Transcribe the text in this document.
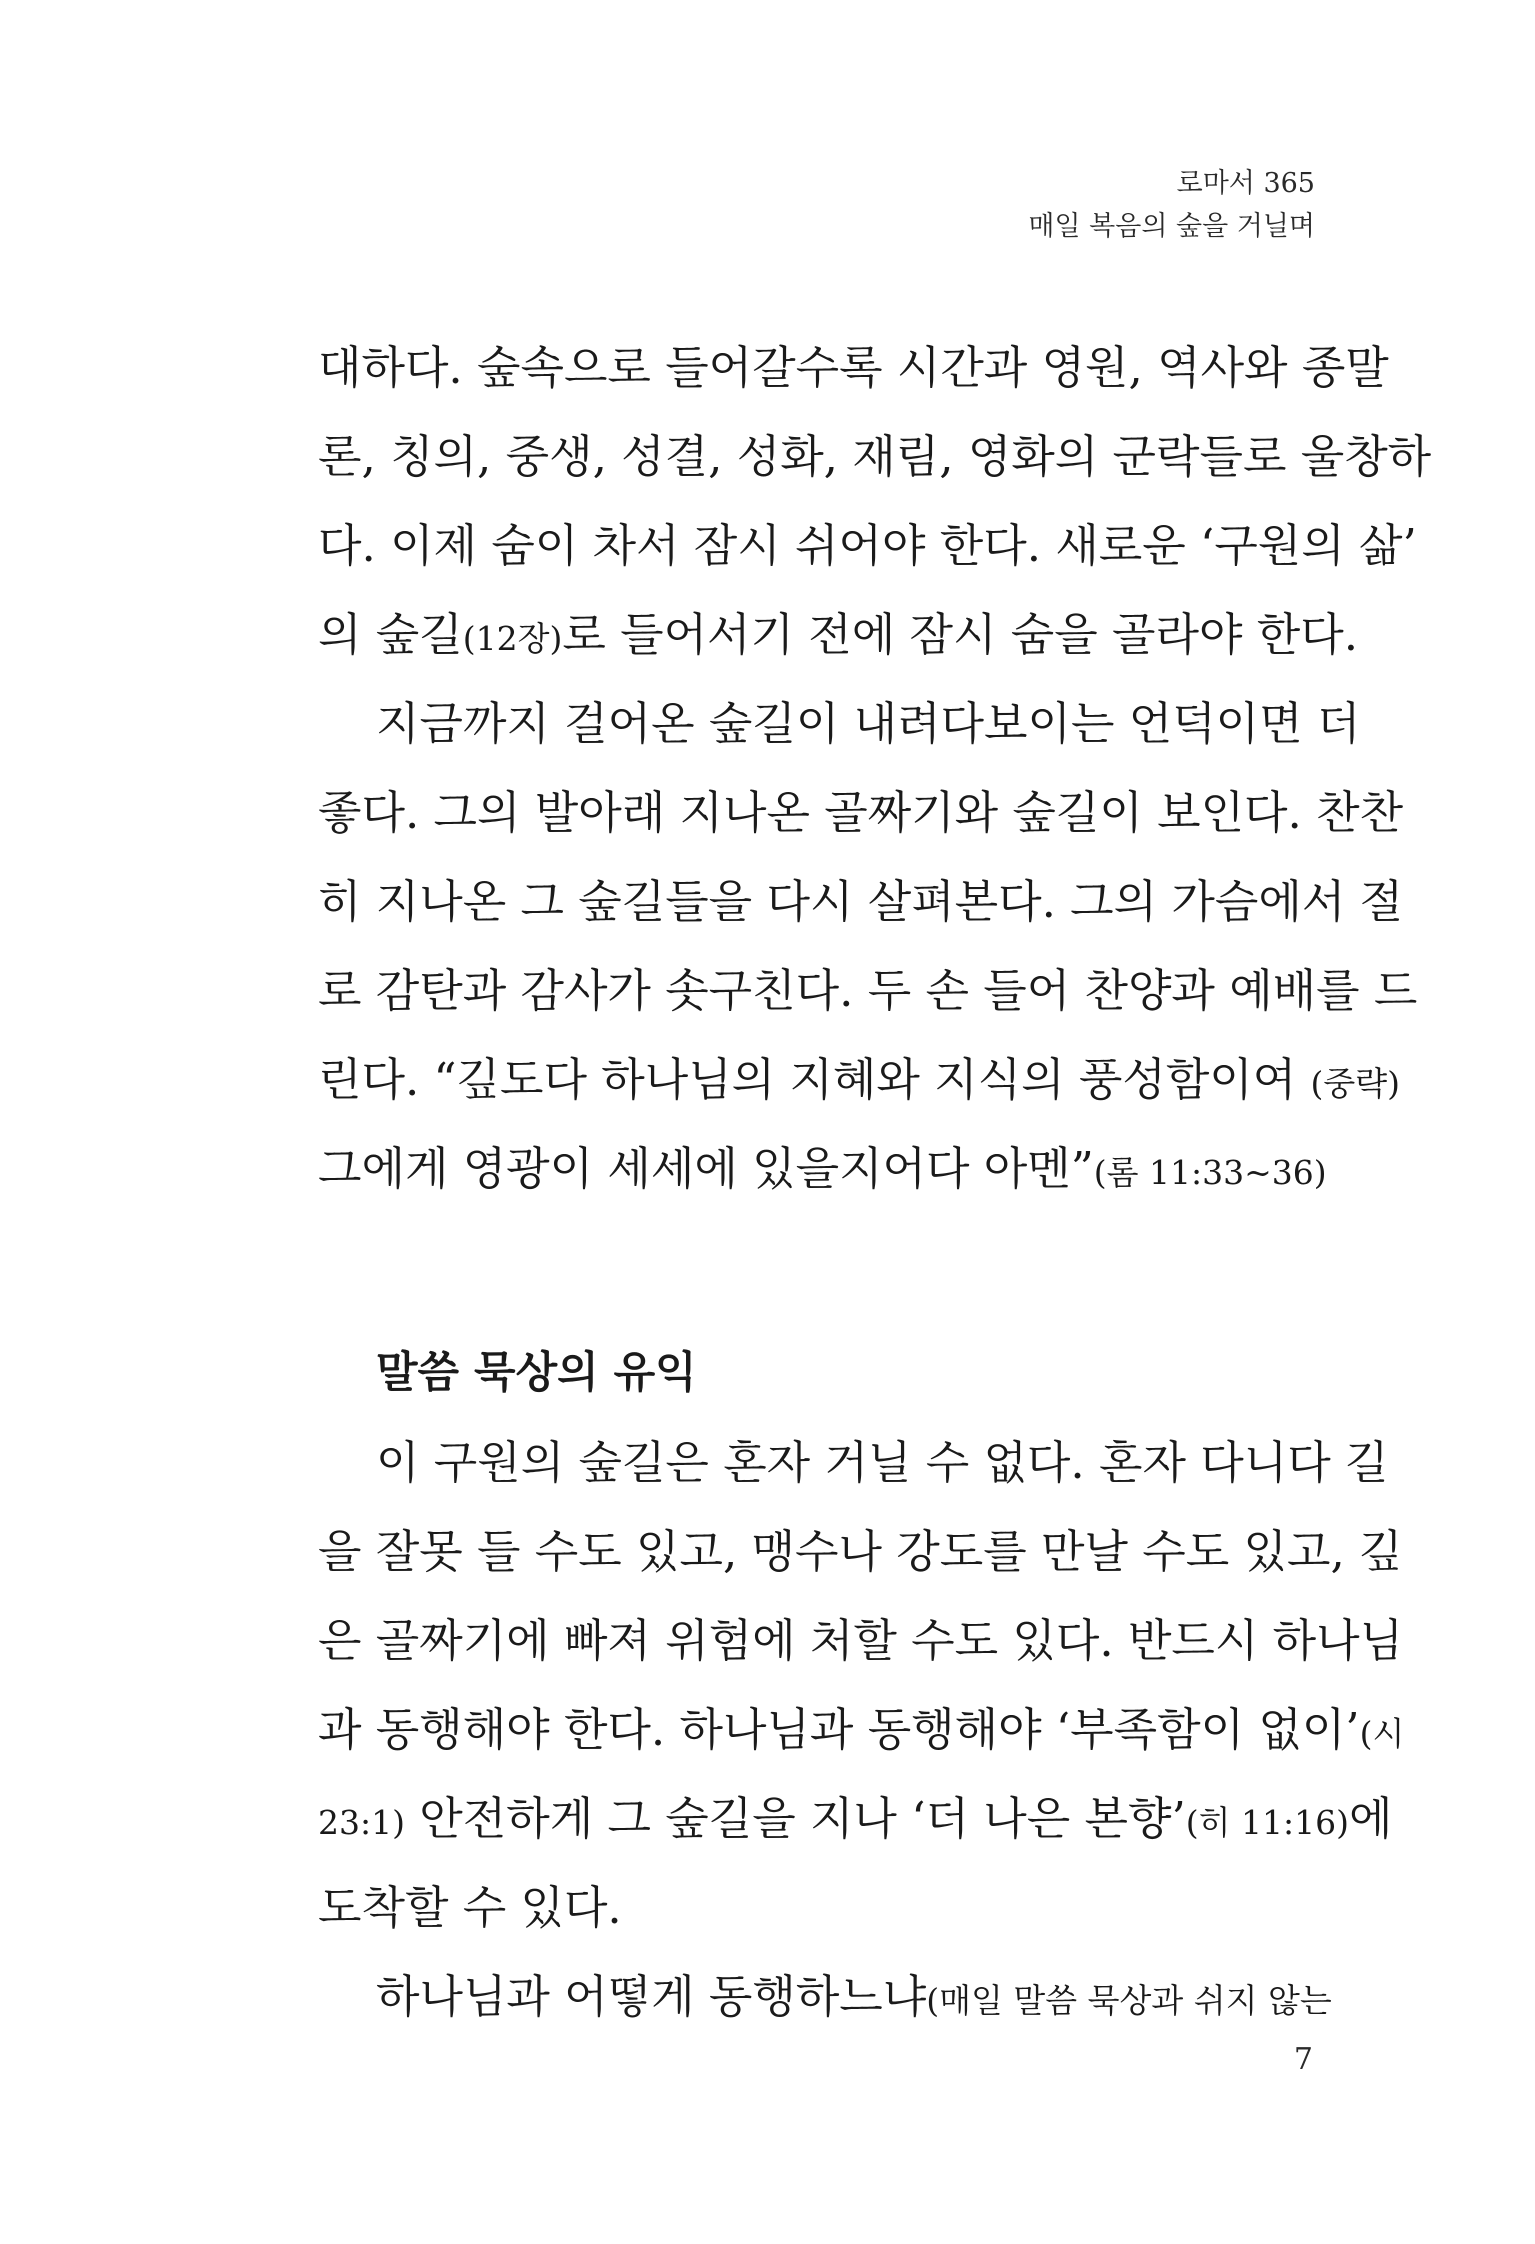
로마서 365
매일 복음의 숲을 거닐며
대하다. 숲속으로 들어갈수록 시간과 영원, 역사와 종말
론, 칭의, 중생, 성결, 성화, 재림, 영화의 군락들로 울창하
다. 이제 숨이 차서 잠시 쉬어야 한다. 새로운 ‘구원의 삶’
의 숲길(12장)로 들어서기 전에 잠시 숨을 골라야 한다.
지금까지 걸어온 숲길이 내려다보이는 언덕이면 더
좋다. 그의 발아래 지나온 골짜기와 숲길이 보인다. 찬찬
히 지나온 그 숲길들을 다시 살펴본다. 그의 가슴에서 절
로 감탄과 감사가 솟구친다. 두 손 들어 찬양과 예배를 드
린다. “깊도다 하나님의 지혜와 지식의 풍성함이여 (중략)
그에게 영광이 세세에 있을지어다 아멘”(롬 11:33~36)
말씀 묵상의 유익
이 구원의 숲길은 혼자 거닐 수 없다. 혼자 다니다 길
을 잘못 들 수도 있고, 맹수나 강도를 만날 수도 있고, 깊
은 골짜기에 빠져 위험에 처할 수도 있다. 반드시 하나님
과 동행해야 한다. 하나님과 동행해야 ‘부족함이 없이’(시
23:1) 안전하게 그 숲길을 지나 ‘더 나은 본향’(히 11:16)에
도착할 수 있다.
하나님과 어떻게 동행하느냐(매일 말씀 묵상과 쉬지 않는
7
